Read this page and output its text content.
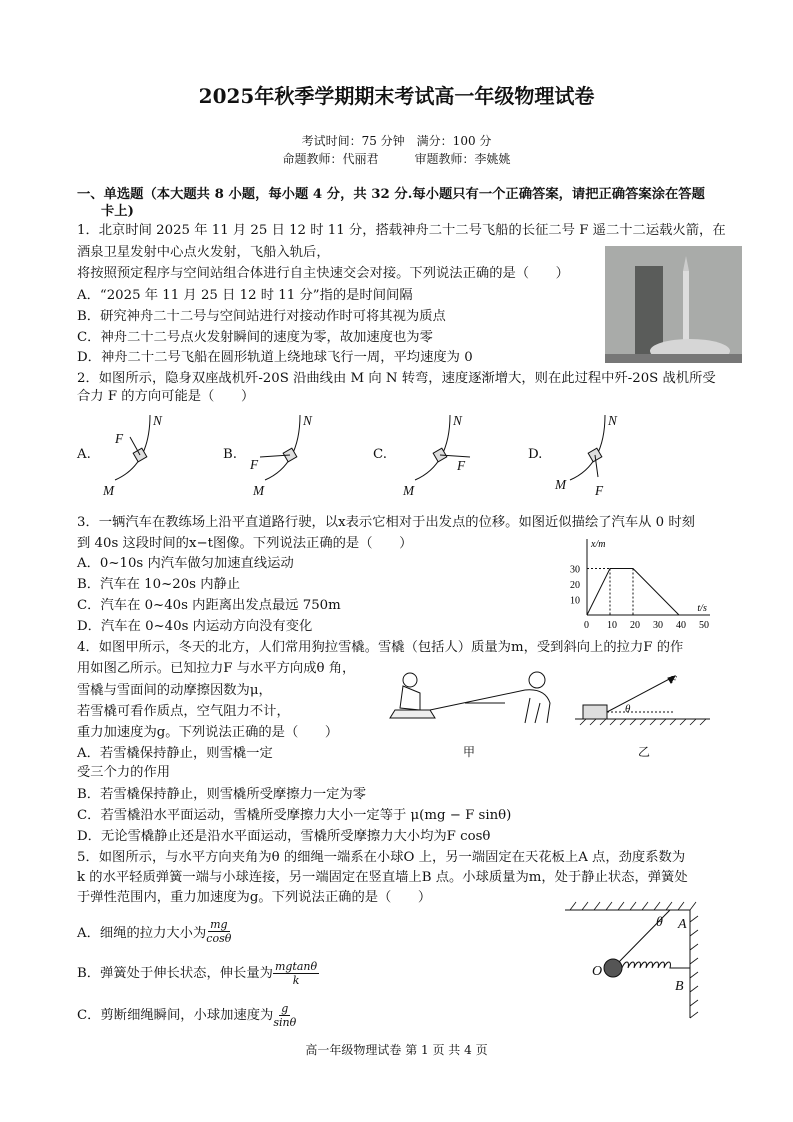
2025年秋季学期期末考试高一年级物理试卷
考试时间：75 分钟　满分：100 分
命题教师：代丽君　　　审题教师：李姚姚
一、单选题（本大题共 8 小题，每小题 4 分，共 32 分.每小题只有一个正确答案，请把正确答案涂在答题
卡上)
1．北京时间 2025 年 11 月 25 日 12 时 11 分，搭载神舟二十二号飞船的长征二号 F 遥二十二运载火箭，在
酒泉卫星发射中心点火发射，飞船入轨后，
将按照预定程序与空间站组合体进行自主快速交会对接。下列说法正确的是（　　）
A．“2025 年 11 月 25 日 12 时 11 分”指的是时间间隔
B．研究神舟二十二号与空间站进行对接动作时可将其视为质点
C．神舟二十二号点火发射瞬间的速度为零，故加速度也为零
D．神舟二十二号飞船在圆形轨道上绕地球飞行一周，平均速度为 0
2．如图所示，隐身双座战机歼-20S 沿曲线由 M 向 N 转弯，速度逐渐增大，则在此过程中歼-20S 战机所受
合力 F 的方向可能是（　　）
A.	B.	C.	D.
F
N
M
F
N
M
F
N
M	F
N
M
3．一辆汽车在教练场上沿平直道路行驶，以x表示它相对于出发点的位移。如图近似描绘了汽车从 0 时刻
到 40s 这段时间的x−t图像。下列说法正确的是（　　）
A．0~10s 内汽车做匀加速直线运动
B．汽车在 10~20s 内静止
C．汽车在 0~40s 内距离出发点最远 750m
D．汽车在 0~40s 内运动方向没有变化
x/m
t/s
0 10 20 30 40 50
10
20
30
4．如图甲所示，冬天的北方，人们常用狗拉雪橇。雪橇（包括人）质量为m，受到斜向上的拉力F 的作
用如图乙所示。已知拉力F 与水平方向成θ 角，
雪橇与雪面间的动摩擦因数为μ，
若雪橇可看作质点，空气阻力不计，
重力加速度为g。下列说法正确的是（　　）
A．若雪橇保持静止，则雪橇一定
受三个力的作用
B．若雪橇保持静止，则雪橇所受摩擦力一定为零
C．若雪橇沿水平面运动，雪橇所受摩擦力大小一定等于 μ(mg − F sinθ)
D．无论雪橇静止还是沿水平面运动，雪橇所受摩擦力大小均为F cosθ
甲
F
θ
乙
5．如图所示，与水平方向夹角为θ 的细绳一端系在小球O 上，另一端固定在天花板上A 点，劲度系数为
k 的水平轻质弹簧一端与小球连接，另一端固定在竖直墙上B 点。小球质量为m，处于静止状态，弹簧处
于弹性范围内，重力加速度为g。下列说法正确的是（　　）
A．细绳的拉力大小为 $\frac{mg}{\cos\theta}$
B．弹簧处于伸长状态，伸长量为 $\frac{mgtan\theta}{k}$
C．剪断细绳瞬间，小球加速度为 $\frac{g}{\sin\theta}$
θ A
O
B
高一年级物理试卷 第 1 页 共 4 页
